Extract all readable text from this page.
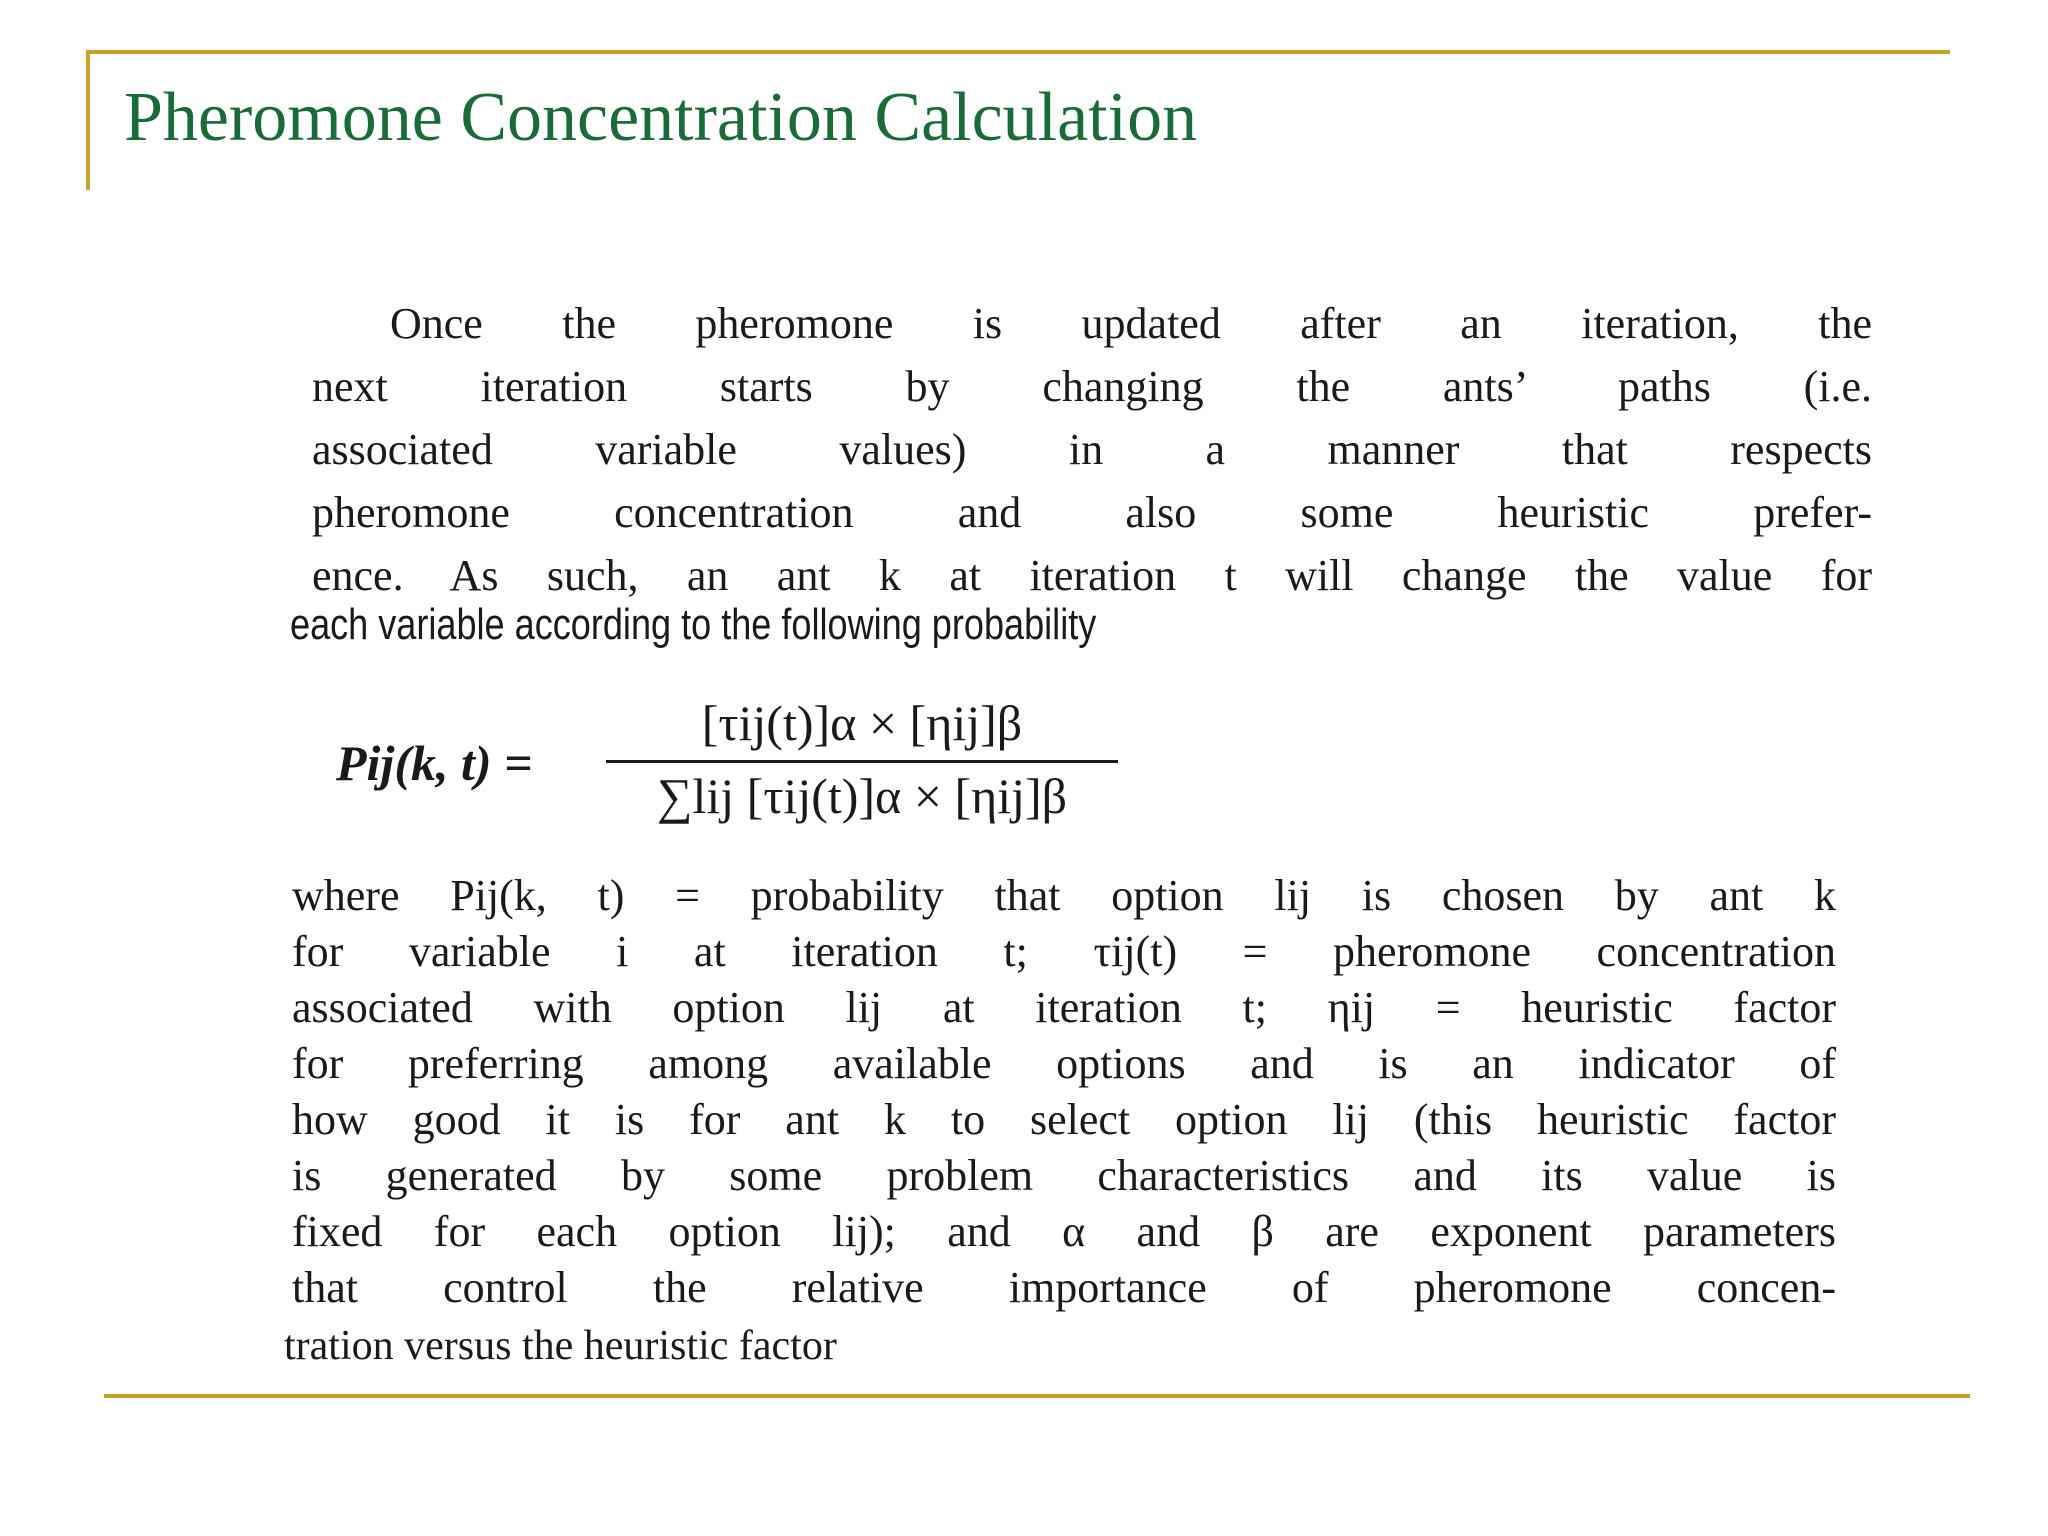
Pheromone Concentration Calculation
Once the pheromone is updated after an iteration, the
next iteration starts by changing the ants’ paths (i.e.
associated variable values) in a manner that respects
pheromone concentration and also some heuristic prefer-
ence. As such, an ant k at iteration t will change the value for
each variable according to the following probability
Pij(k, t) =
[τij(t)]α × [ηij]β
∑lij [τij(t)]α × [ηij]β
where Pij(k, t) = probability that option lij is chosen by ant k
for variable i at iteration t; τij(t) = pheromone concentration
associated with option lij at iteration t; ηij = heuristic factor
for preferring among available options and is an indicator of
how good it is for ant k to select option lij (this heuristic factor
is generated by some problem characteristics and its value is
fixed for each option lij); and α and β are exponent parameters
that control the relative importance of pheromone concen-
tration versus the heuristic factor
